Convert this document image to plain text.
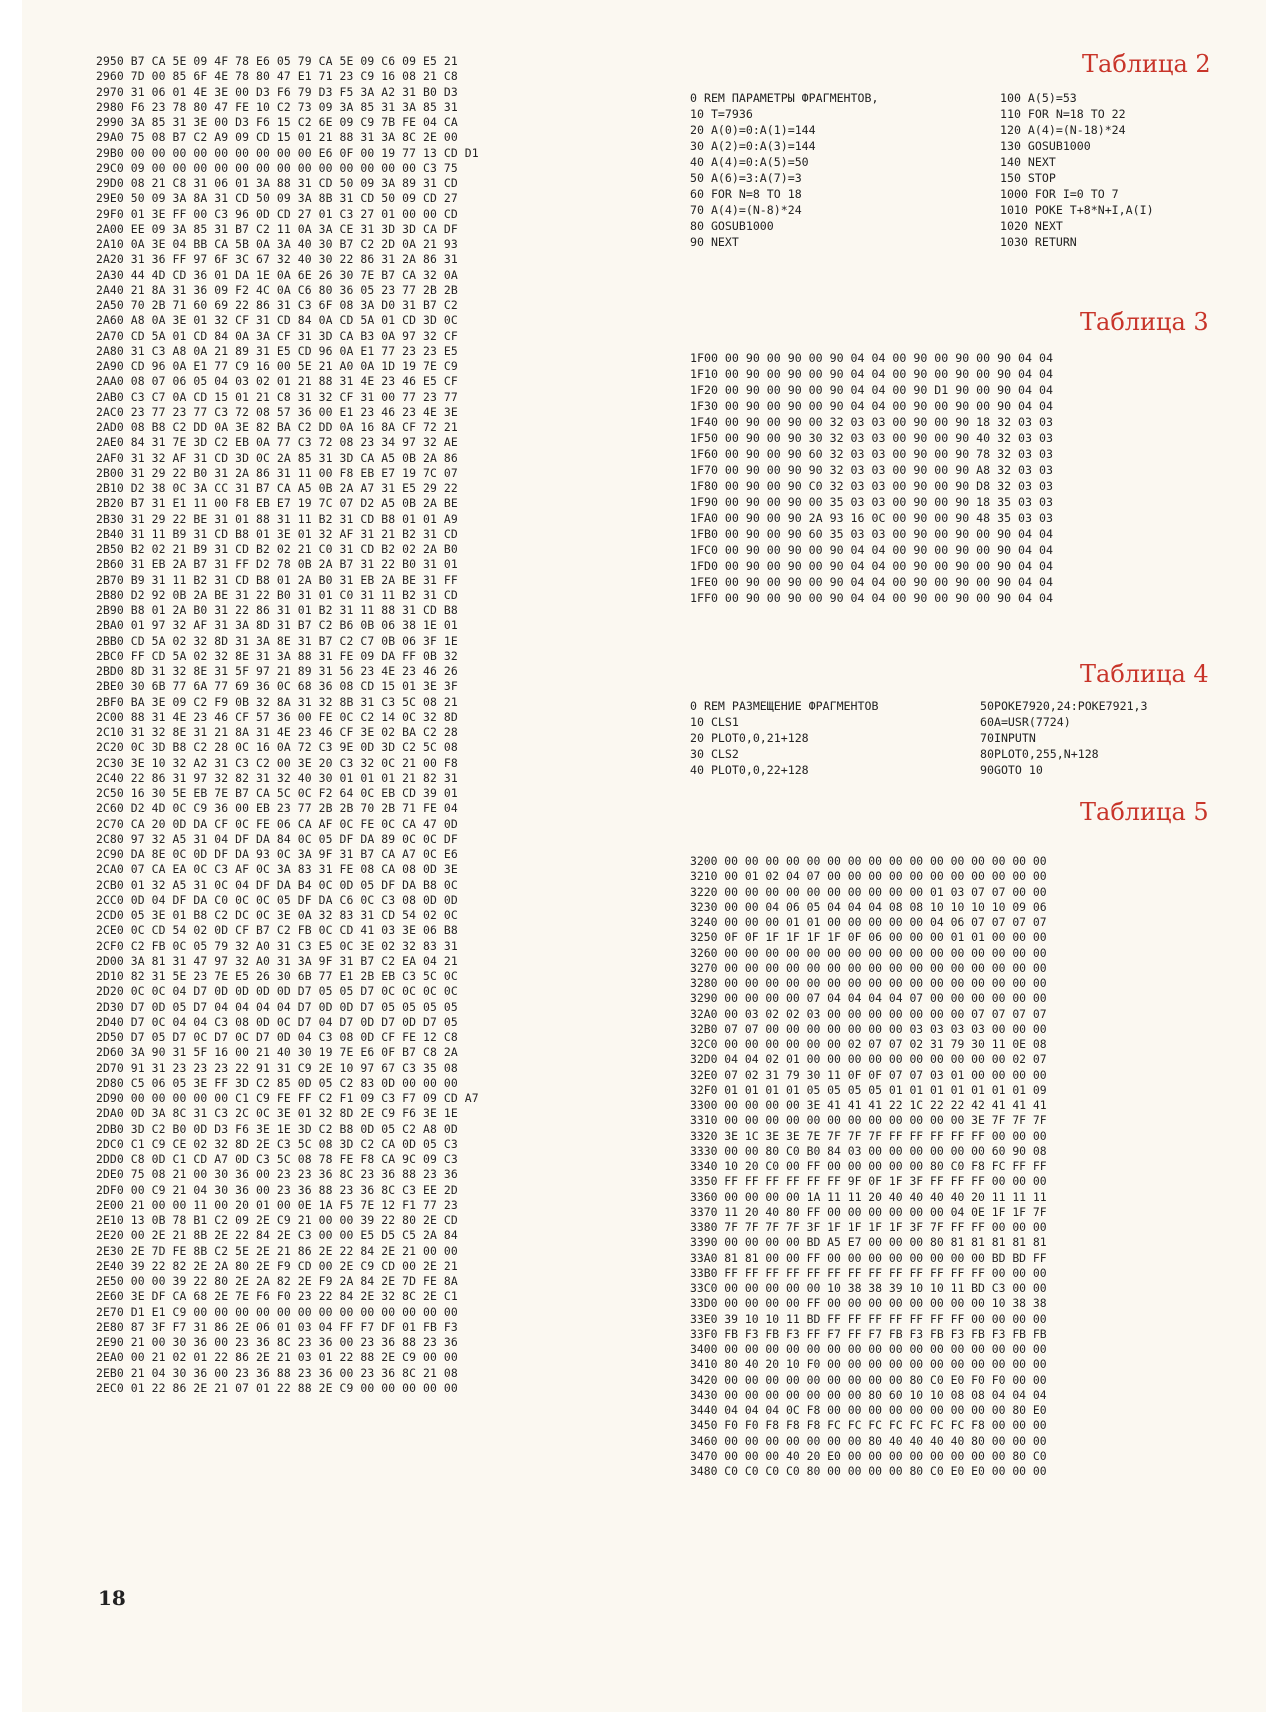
2950 B7 CA 5E 09 4F 78 E6 05 79 CA 5E 09 C6 09 E5 21
2960 7D 00 85 6F 4E 78 80 47 E1 71 23 C9 16 08 21 C8
2970 31 06 01 4E 3E 00 D3 F6 79 D3 F5 3A A2 31 B0 D3
2980 F6 23 78 80 47 FE 10 C2 73 09 3A 85 31 3A 85 31
2990 3A 85 31 3E 00 D3 F6 15 C2 6E 09 C9 7B FE 04 CA
29A0 75 08 B7 C2 A9 09 CD 15 01 21 88 31 3A 8C 2E 00
29B0 00 00 00 00 00 00 00 00 00 E6 0F 00 19 77 13 CD D1
29C0 09 00 00 00 00 00 00 00 00 00 00 00 00 00 C3 75
29D0 08 21 C8 31 06 01 3A 88 31 CD 50 09 3A 89 31 CD
29E0 50 09 3A 8A 31 CD 50 09 3A 8B 31 CD 50 09 CD 27
29F0 01 3E FF 00 C3 96 0D CD 27 01 C3 27 01 00 00 CD
2A00 EE 09 3A 85 31 B7 C2 11 0A 3A CE 31 3D 3D CA DF
2A10 0A 3E 04 BB CA 5B 0A 3A 40 30 B7 C2 2D 0A 21 93
2A20 31 36 FF 97 6F 3C 67 32 40 30 22 86 31 2A 86 31
2A30 44 4D CD 36 01 DA 1E 0A 6E 26 30 7E B7 CA 32 0A
2A40 21 8A 31 36 09 F2 4C 0A C6 80 36 05 23 77 2B 2B
2A50 70 2B 71 60 69 22 86 31 C3 6F 08 3A D0 31 B7 C2
2A60 A8 0A 3E 01 32 CF 31 CD 84 0A CD 5A 01 CD 3D 0C
2A70 CD 5A 01 CD 84 0A 3A CF 31 3D CA B3 0A 97 32 CF
2A80 31 C3 A8 0A 21 89 31 E5 CD 96 0A E1 77 23 23 E5
2A90 CD 96 0A E1 77 C9 16 00 5E 21 A0 0A 1D 19 7E C9
2AA0 08 07 06 05 04 03 02 01 21 88 31 4E 23 46 E5 CF
2AB0 C3 C7 0A CD 15 01 21 C8 31 32 CF 31 00 77 23 77
2AC0 23 77 23 77 C3 72 08 57 36 00 E1 23 46 23 4E 3E
2AD0 08 B8 C2 DD 0A 3E 82 BA C2 DD 0A 16 8A CF 72 21
2AE0 84 31 7E 3D C2 EB 0A 77 C3 72 08 23 34 97 32 AE
2AF0 31 32 AF 31 CD 3D 0C 2A 85 31 3D CA A5 0B 2A 86
2B00 31 29 22 B0 31 2A 86 31 11 00 F8 EB E7 19 7C 07
2B10 D2 38 0C 3A CC 31 B7 CA A5 0B 2A A7 31 E5 29 22
2B20 B7 31 E1 11 00 F8 EB E7 19 7C 07 D2 A5 0B 2A BE
2B30 31 29 22 BE 31 01 88 31 11 B2 31 CD B8 01 01 A9
2B40 31 11 B9 31 CD B8 01 3E 01 32 AF 31 21 B2 31 CD
2B50 B2 02 21 B9 31 CD B2 02 21 C0 31 CD B2 02 2A B0
2B60 31 EB 2A B7 31 FF D2 78 0B 2A B7 31 22 B0 31 01
2B70 B9 31 11 B2 31 CD B8 01 2A B0 31 EB 2A BE 31 FF
2B80 D2 92 0B 2A BE 31 22 B0 31 01 C0 31 11 B2 31 CD
2B90 B8 01 2A B0 31 22 86 31 01 B2 31 11 88 31 CD B8
2BA0 01 97 32 AF 31 3A 8D 31 B7 C2 B6 0B 06 38 1E 01
2BB0 CD 5A 02 32 8D 31 3A 8E 31 B7 C2 C7 0B 06 3F 1E
2BC0 FF CD 5A 02 32 8E 31 3A 88 31 FE 09 DA FF 0B 32
2BD0 8D 31 32 8E 31 5F 97 21 89 31 56 23 4E 23 46 26
2BE0 30 6B 77 6A 77 69 36 0C 68 36 08 CD 15 01 3E 3F
2BF0 BA 3E 09 C2 F9 0B 32 8A 31 32 8B 31 C3 5C 08 21
2C00 88 31 4E 23 46 CF 57 36 00 FE 0C C2 14 0C 32 8D
2C10 31 32 8E 31 21 8A 31 4E 23 46 CF 3E 02 BA C2 28
2C20 0C 3D B8 C2 28 0C 16 0A 72 C3 9E 0D 3D C2 5C 08
2C30 3E 10 32 A2 31 C3 C2 00 3E 20 C3 32 0C 21 00 F8
2C40 22 86 31 97 32 82 31 32 40 30 01 01 01 21 82 31
2C50 16 30 5E EB 7E B7 CA 5C 0C F2 64 0C EB CD 39 01
2C60 D2 4D 0C C9 36 00 EB 23 77 2B 2B 70 2B 71 FE 04
2C70 CA 20 0D DA CF 0C FE 06 CA AF 0C FE 0C CA 47 0D
2C80 97 32 A5 31 04 DF DA 84 0C 05 DF DA 89 0C 0C DF
2C90 DA 8E 0C 0D DF DA 93 0C 3A 9F 31 B7 CA A7 0C E6
2CA0 07 CA EA 0C C3 AF 0C 3A 83 31 FE 08 CA 08 0D 3E
2CB0 01 32 A5 31 0C 04 DF DA B4 0C 0D 05 DF DA B8 0C
2CC0 0D 04 DF DA C0 0C 0C 05 DF DA C6 0C C3 08 0D 0D
2CD0 05 3E 01 B8 C2 DC 0C 3E 0A 32 83 31 CD 54 02 0C
2CE0 0C CD 54 02 0D CF B7 C2 FB 0C CD 41 03 3E 06 B8
2CF0 C2 FB 0C 05 79 32 A0 31 C3 E5 0C 3E 02 32 83 31
2D00 3A 81 31 47 97 32 A0 31 3A 9F 31 B7 C2 EA 04 21
2D10 82 31 5E 23 7E E5 26 30 6B 77 E1 2B EB C3 5C 0C
2D20 0C 0C 04 D7 0D 0D 0D 0D D7 05 05 D7 0C 0C 0C 0C
2D30 D7 0D 05 D7 04 04 04 04 D7 0D 0D D7 05 05 05 05
2D40 D7 0C 04 04 C3 08 0D 0C D7 04 D7 0D D7 0D D7 05
2D50 D7 05 D7 0C D7 0C D7 0D 04 C3 08 0D CF FE 12 C8
2D60 3A 90 31 5F 16 00 21 40 30 19 7E E6 0F B7 C8 2A
2D70 91 31 23 23 23 22 91 31 C9 2E 10 97 67 C3 35 08
2D80 C5 06 05 3E FF 3D C2 85 0D 05 C2 83 0D 00 00 00
2D90 00 00 00 00 00 C1 C9 FE FF C2 F1 09 C3 F7 09 CD A7
2DA0 0D 3A 8C 31 C3 2C 0C 3E 01 32 8D 2E C9 F6 3E 1E
2DB0 3D C2 B0 0D D3 F6 3E 1E 3D C2 B8 0D 05 C2 A8 0D
2DC0 C1 C9 CE 02 32 8D 2E C3 5C 08 3D C2 CA 0D 05 C3
2DD0 C8 0D C1 CD A7 0D C3 5C 08 78 FE F8 CA 9C 09 C3
2DE0 75 08 21 00 30 36 00 23 23 36 8C 23 36 88 23 36
2DF0 00 C9 21 04 30 36 00 23 36 88 23 36 8C C3 EE 2D
2E00 21 00 00 11 00 20 01 00 0E 1A F5 7E 12 F1 77 23
2E10 13 0B 78 B1 C2 09 2E C9 21 00 00 39 22 80 2E CD
2E20 00 2E 21 8B 2E 22 84 2E C3 00 00 E5 D5 C5 2A 84
2E30 2E 7D FE 8B C2 5E 2E 21 86 2E 22 84 2E 21 00 00
2E40 39 22 82 2E 2A 80 2E F9 CD 00 2E C9 CD 00 2E 21
2E50 00 00 39 22 80 2E 2A 82 2E F9 2A 84 2E 7D FE 8A
2E60 3E DF CA 68 2E 7E F6 F0 23 22 84 2E 32 8C 2E C1
2E70 D1 E1 C9 00 00 00 00 00 00 00 00 00 00 00 00 00
2E80 87 3F F7 31 86 2E 06 01 03 04 FF F7 DF 01 FB F3
2E90 21 00 30 36 00 23 36 8C 23 36 00 23 36 88 23 36
2EA0 00 21 02 01 22 86 2E 21 03 01 22 88 2E C9 00 00
2EB0 21 04 30 36 00 23 36 88 23 36 00 23 36 8C 21 08
2EC0 01 22 86 2E 21 07 01 22 88 2E C9 00 00 00 00 00
Таблица 2
0 REM ПАРАМЕТРЫ ФРАГМЕНТОВ,
10 T=7936
20 A(0)=0:A(1)=144
30 A(2)=0:A(3)=144
40 A(4)=0:A(5)=50
50 A(6)=3:A(7)=3
60 FOR N=8 TO 18
70 A(4)=(N-8)*24
80 GOSUB1000
90 NEXT
100 A(5)=53
110 FOR N=18 TO 22
120 A(4)=(N-18)*24
130 GOSUB1000
140 NEXT
150 STOP
1000 FOR I=0 TO 7
1010 POKE T+8*N+I,A(I)
1020 NEXT
1030 RETURN
Таблица 3
1F00 00 90 00 90 00 90 04 04 00 90 00 90 00 90 04 04
1F10 00 90 00 90 00 90 04 04 00 90 00 90 00 90 04 04
1F20 00 90 00 90 00 90 04 04 00 90 D1 90 00 90 04 04
1F30 00 90 00 90 00 90 04 04 00 90 00 90 00 90 04 04
1F40 00 90 00 90 00 32 03 03 00 90 00 90 18 32 03 03
1F50 00 90 00 90 30 32 03 03 00 90 00 90 40 32 03 03
1F60 00 90 00 90 60 32 03 03 00 90 00 90 78 32 03 03
1F70 00 90 00 90 90 32 03 03 00 90 00 90 A8 32 03 03
1F80 00 90 00 90 C0 32 03 03 00 90 00 90 D8 32 03 03
1F90 00 90 00 90 00 35 03 03 00 90 00 90 18 35 03 03
1FA0 00 90 00 90 2A 93 16 0C 00 90 00 90 48 35 03 03
1FB0 00 90 00 90 60 35 03 03 00 90 00 90 00 90 04 04
1FC0 00 90 00 90 00 90 04 04 00 90 00 90 00 90 04 04
1FD0 00 90 00 90 00 90 04 04 00 90 00 90 00 90 04 04
1FE0 00 90 00 90 00 90 04 04 00 90 00 90 00 90 04 04
1FF0 00 90 00 90 00 90 04 04 00 90 00 90 00 90 04 04
Таблица 4
0 REM РАЗМЕЩЕНИЕ ФРАГМЕНТОВ
10 CLS1
20 PLOT0,0,21+128
30 CLS2
40 PLOT0,0,22+128
50POKE7920,24:POKE7921,3
60A=USR(7724)
70INPUTN
80PLOT0,255,N+128
90GOTO 10
Таблица 5
3200 00 00 00 00 00 00 00 00 00 00 00 00 00 00 00 00
3210 00 01 02 04 07 00 00 00 00 00 00 00 00 00 00 00
3220 00 00 00 00 00 00 00 00 00 00 01 03 07 07 00 00
3230 00 00 04 06 05 04 04 04 08 08 10 10 10 10 09 06
3240 00 00 00 01 01 00 00 00 00 00 04 06 07 07 07 07
3250 0F 0F 1F 1F 1F 1F 0F 06 00 00 00 01 01 00 00 00
3260 00 00 00 00 00 00 00 00 00 00 00 00 00 00 00 00
3270 00 00 00 00 00 00 00 00 00 00 00 00 00 00 00 00
3280 00 00 00 00 00 00 00 00 00 00 00 00 00 00 00 00
3290 00 00 00 00 07 04 04 04 04 07 00 00 00 00 00 00
32A0 00 03 02 02 03 00 00 00 00 00 00 00 07 07 07 07
32B0 07 07 00 00 00 00 00 00 00 03 03 03 03 00 00 00
32C0 00 00 00 00 00 00 02 07 07 02 31 79 30 11 0E 08
32D0 04 04 02 01 00 00 00 00 00 00 00 00 00 00 02 07
32E0 07 02 31 79 30 11 0F 0F 07 07 03 01 00 00 00 00
32F0 01 01 01 01 05 05 05 05 01 01 01 01 01 01 01 09
3300 00 00 00 00 3E 41 41 41 22 1C 22 22 42 41 41 41
3310 00 00 00 00 00 00 00 00 00 00 00 00 3E 7F 7F 7F
3320 3E 1C 3E 3E 7E 7F 7F 7F FF FF FF FF FF 00 00 00
3330 00 00 80 C0 B0 84 03 00 00 00 00 00 00 60 90 08
3340 10 20 C0 00 FF 00 00 00 00 00 80 C0 F8 FC FF FF
3350 FF FF FF FF FF FF 9F 0F 1F 3F FF FF FF 00 00 00
3360 00 00 00 00 1A 11 11 20 40 40 40 40 20 11 11 11
3370 11 20 40 80 FF 00 00 00 00 00 00 04 0E 1F 1F 7F
3380 7F 7F 7F 7F 3F 1F 1F 1F 1F 3F 7F FF FF 00 00 00
3390 00 00 00 00 BD A5 E7 00 00 00 80 81 81 81 81 81
33A0 81 81 00 00 FF 00 00 00 00 00 00 00 00 BD BD FF
33B0 FF FF FF FF FF FF FF FF FF FF FF FF FF 00 00 00
33C0 00 00 00 00 00 10 38 38 39 10 10 11 BD C3 00 00
33D0 00 00 00 00 FF 00 00 00 00 00 00 00 00 10 38 38
33E0 39 10 10 11 BD FF FF FF FF FF FF FF 00 00 00 00
33F0 FB F3 FB F3 FF F7 FF F7 FB F3 FB F3 FB F3 FB FB
3400 00 00 00 00 00 00 00 00 00 00 00 00 00 00 00 00
3410 80 40 20 10 F0 00 00 00 00 00 00 00 00 00 00 00
3420 00 00 00 00 00 00 00 00 00 80 C0 E0 F0 F0 00 00
3430 00 00 00 00 00 00 00 80 60 10 10 08 08 04 04 04
3440 04 04 04 0C F8 00 00 00 00 00 00 00 00 00 80 E0
3450 F0 F0 F8 F8 F8 FC FC FC FC FC FC FC F8 00 00 00
3460 00 00 00 00 00 00 00 80 40 40 40 40 80 00 00 00
3470 00 00 00 40 20 E0 00 00 00 00 00 00 00 00 80 C0
3480 C0 C0 C0 C0 80 00 00 00 00 80 C0 E0 E0 00 00 00
18
